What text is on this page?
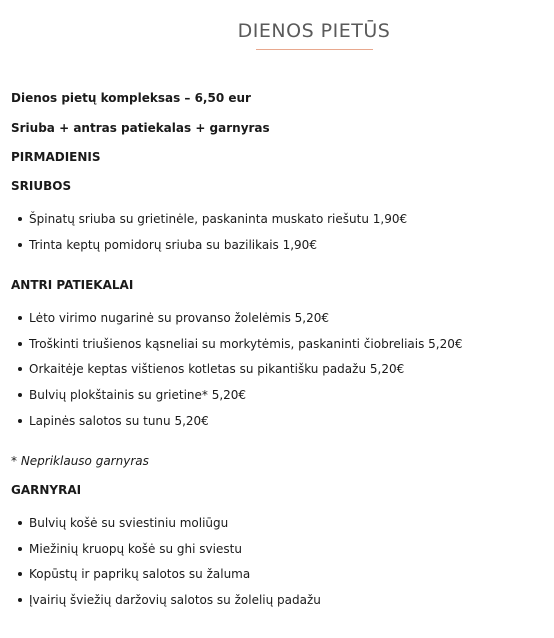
DIENOS PIETŪS
Dienos pietų kompleksas – 6,50 eur
Sriuba + antras patiekalas + garnyras
PIRMADIENIS
SRIUBOS
Špinatų sriuba su grietinėle, paskaninta muskato riešutu 1,90€
Trinta keptų pomidorų sriuba su bazilikais 1,90€
ANTRI PATIEKALAI
Lėto virimo nugarinė su provanso žolelėmis 5,20€
Troškinti triušienos kąsneliai su morkytėmis, paskaninti čiobreliais 5,20€
Orkaitėje keptas vištienos kotletas su pikantišku padažu 5,20€
Bulvių plokštainis su grietine* 5,20€
Lapinės salotos su tunu 5,20€
* Nepriklauso garnyras
GARNYRAI
Bulvių košė su sviestiniu moliūgu
Miežinių kruopų košė su ghi sviestu
Kopūstų ir paprikų salotos su žaluma
Įvairių šviežių daržovių salotos su žolelių padažu
